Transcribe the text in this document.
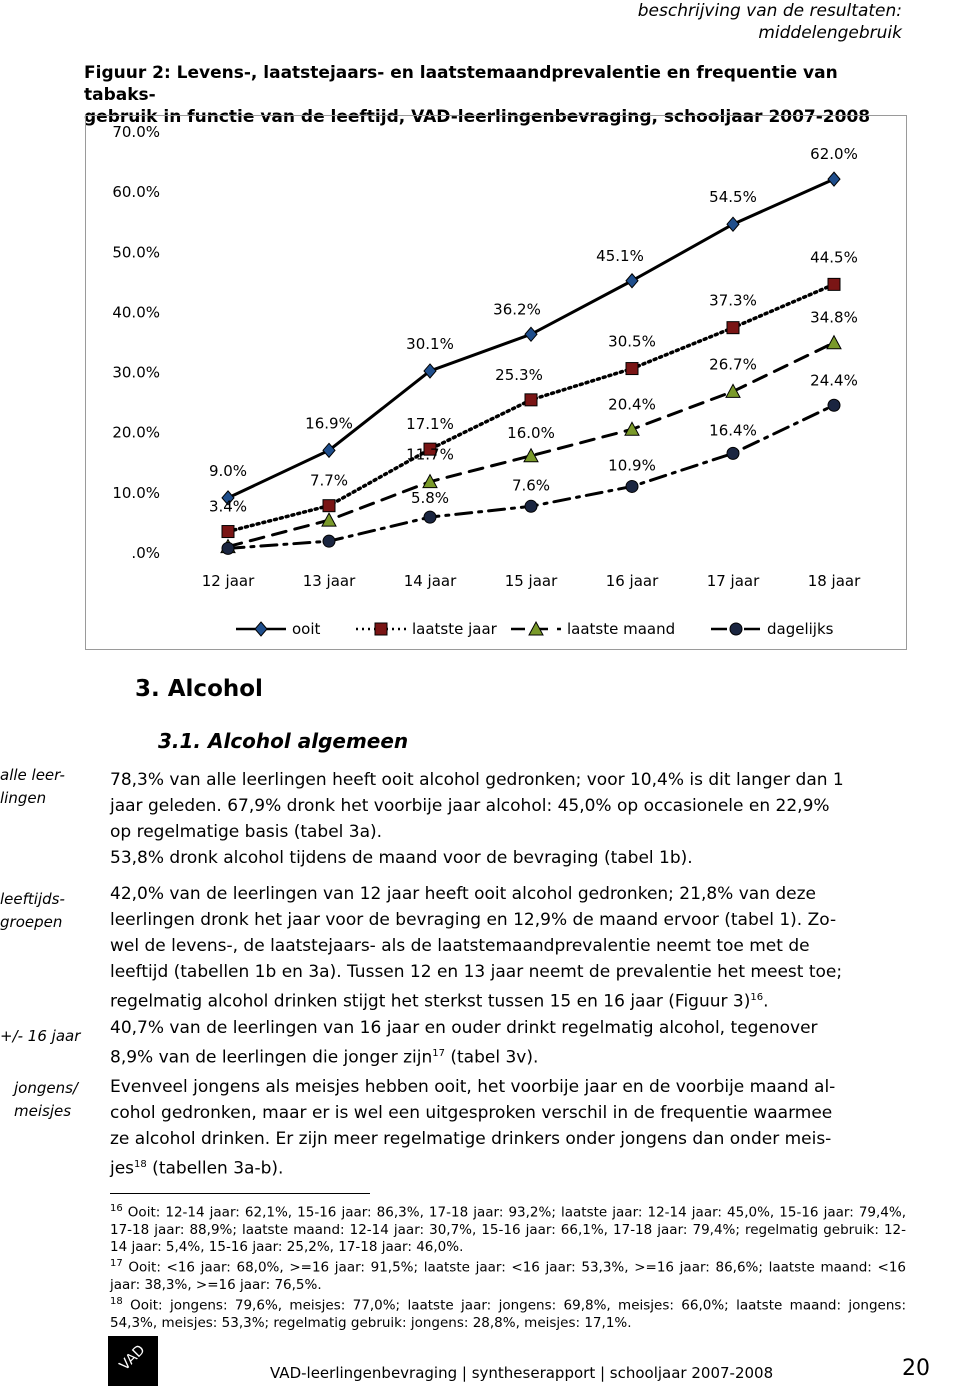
beschrijving van de resultaten:
middelengebruik
Figuur 2: Levens-, laatstejaars- en laatstemaandprevalentie en frequentie van tabaks-
gebruik in functie van de leeftijd, VAD-leerlingenbevraging, schooljaar 2007-2008
70.0%
60.0%
50.0%
40.0%
30.0%
20.0%
10.0%
.0%
12 jaar	13 jaar	14 jaar	15 jaar	16 jaar	17 jaar	18 jaar
9.0%
16.9%
30.1%
36.2%
45.1%
54.5%
62.0%
3.4%
7.7%
17.1%
25.3%
30.5%
37.3%
44.5%
11.7%
16.0%
20.4%
26.7%
34.8%
5.8%
7.6%
10.9%
16.4%
24.4%
ooit	laatste jaar	laatste maand	dagelijks
3. Alcohol
3.1. Alcohol algemeen
alle leer-
lingen
leeftijds-
groepen
+/- 16 jaar
jongens/
meisjes

78,3% van alle leerlingen heeft ooit alcohol gedronken; voor 10,4% is dit langer dan 1

jaar geleden. 67,9% dronk het voorbije jaar alcohol: 45,0% op occasionele en 22,9%

op regelmatige basis (tabel 3a).

53,8% dronk alcohol tijdens de maand voor de bevraging (tabel 1b).

42,0% van de leerlingen van 12 jaar heeft ooit alcohol gedronken; 21,8% van deze

leerlingen dronk het jaar voor de bevraging en 12,9% de maand ervoor (tabel 1). Zo-

wel de levens-, de laatstejaars- als de laatstemaandprevalentie neemt toe met de

leeftijd (tabellen 1b en 3a). Tussen 12 en 13 jaar neemt de prevalentie het meest toe;

regelmatig alcohol drinken stijgt het sterkst tussen 15 en 16 jaar (Figuur 3)$^{16}$.

40,7% van de leerlingen van 16 jaar en ouder drinkt regelmatig alcohol, tegenover

8,9% van de leerlingen die jonger zijn$^{17}$ (tabel 3v).

Evenveel jongens als meisjes hebben ooit, het voorbije jaar en de voorbije maand al-

cohol gedronken, maar er is wel een uitgesproken verschil in de frequentie waarmee

ze alcohol drinken. Er zijn meer regelmatige drinkers onder jongens dan onder meis-

jes$^{18}$ (tabellen 3a-b).

$^{16}$ Ooit: 12-14 jaar: 62,1%, 15-16 jaar: 86,3%, 17-18 jaar: 93,2%; laatste jaar: 12-14 jaar: 45,0%, 15-16 jaar: 79,4%, 17-18 jaar: 88,9%; laatste maand: 12-14 jaar: 30,7%, 15-16 jaar: 66,1%, 17-18 jaar: 79,4%; regelmatig gebruik: 12-14 jaar: 5,4%, 15-16 jaar: 25,2%, 17-18 jaar: 46,0%.
$^{17}$ Ooit: <16 jaar: 68,0%, >=16 jaar: 91,5%; laatste jaar: <16 jaar: 53,3%, >=16 jaar: 86,6%; laatste maand: <16 jaar: 38,3%, >=16 jaar: 76,5%.
$^{18}$ Ooit: jongens: 79,6%, meisjes: 77,0%; laatste jaar: jongens: 69,8%, meisjes: 66,0%; laatste maand: jongens: 54,3%, meisjes: 53,3%; regelmatig gebruik: jongens: 28,8%, meisjes: 17,1%.
VAD	VAD-leerlingenbevraging | syntheserapport | schooljaar 2007-2008	20
